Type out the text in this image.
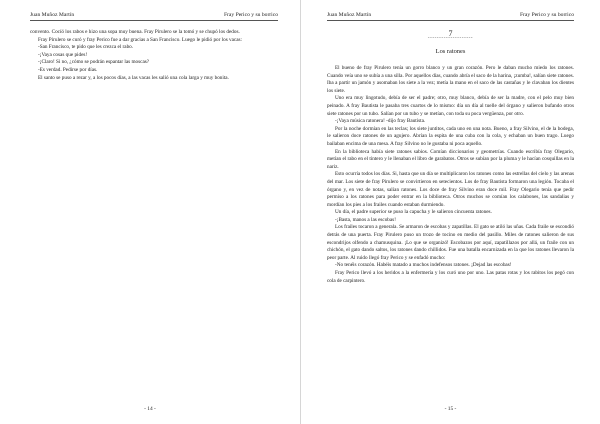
Juan Muñoz Martín	Fray Perico y su borrico

convento. Cocíó los rabos e hizo una sopa muy buena. Fray Pirulero se la tomó y se chupó los dedos.

Fray Pirulero se curó y fray Perico fue a dar gracias a San Francisco. Luego le pidió por los vacas:

-San Francisco, te pido que les crezca el rabo.

-¡Vaya cosas que pides!

-¡Claro! Si no, ¿cómo se podrán espantar las moscas?

-Es verdad. Pedirse por días.

El santo se puso a rezar y, a los pocos días, a las vacas les salió una cola larga y muy bonita.

- 14 -
Juan Muñoz Martín	Fray Perico y su borrico
7
˜˜˜˜˜˜˜˜˜˜˜˜˜˜˜˜˜˜˜˜
Los ratones

El bueno de fray Pirulero tenía un gorro blanco y un gran corazón. Pero le daban mucho miedo los ratones. Cuando veía uno se subía a una silla. Por aquellos días, cuando abría el saco de la harina, ¡zumba!, salían siete ratones. Iba a partir un jamón y asomaban los siete a la vez; metía la mano en el saco de las castañas y le clavaban los dientes los siete.

Uno era muy lingotudo, debía de ser el padre; otro, muy blanco, debía de ser la madre, con el pelo muy bien peinado. A fray Bautista le pasaba tres cuartos de lo mismo: día un día al tuelle del órgano y salieron bufando otros siete ratones por un tubo. Salían por un tubo y se metían, con toda su poca vergüenza, por otro.

-¡Vaya música ratonera! -dijo fray Bautista.

Por la noche dormían en las teclas; los siete juntitos, cada uno en una nota. Bueno, a fray Silvino, el de la bodega, le salieron doce ratones de un agujero. Abrían la espita de una cuba con la cola, y echaban un buen trago. Luego bailaban encima de una mesa. A fray Silvino no le gustaba ni poca aquello.

En la biblioteca había siete ratones sabios. Comían diccionarios y geometrías. Cuando escribía fray Olegario, metían el rabo en el tintero y le llenaban el libro de garabatos. Otros se subían por la pluma y le hacían cosquillas en la nariz.

Esto ocurría todos los días. Si, hasta que un día se multiplicaron los ratones como las estrellas del cielo y las arenas del mar. Los siete de fray Pirulero se convirtieron en setecientos. Los de fray Bautista formaron una legión. Tocaba el órgano y, en vez de notas, salían ratones. Los doce de fray Silvino eran doce mil. Fray Olegario tenía que pedir permiso a los ratones para poder entrar en la biblioteca. Otros muchos se comían los calabones, las sandalias y mordían los pies a los frailes cuando estaban durmiendo.

Un día, el padre superior se puso la capucha y le salieron cincuenta ratones.

-¡Basta, manos a las escobas!

Los frailes tocaron a generala. Se armaron de escobas y zapatillas. El gato se atiló las uñas. Cada fraile se escondió detrás de una puerta. Fray Pirulero puso un trozo de tocino en medio del pasillo. Miles de ratones salieron de sus escondrijos olfendo a chamusquina. ¡Lo que se organizó! Escobazos por aquí, zapatillazos por allá, un fraile con un chichón, el gato dando saltos, los ratones dando chillidos. Fue una batalla encarnizada en la que los ratones llevaron la peor parte. Al ruido llegó fray Perico y se enfadó mucho:

-No tenéis corazón. Habéis matado a muchos indefensos ratones. ¡Dejad las escobas!

Fray Perico llevó a los heridos a la enfermería y los curó uno por uno. Las patas rotas y los rabitos los pegó con cola de carpintero.

- 15 -
